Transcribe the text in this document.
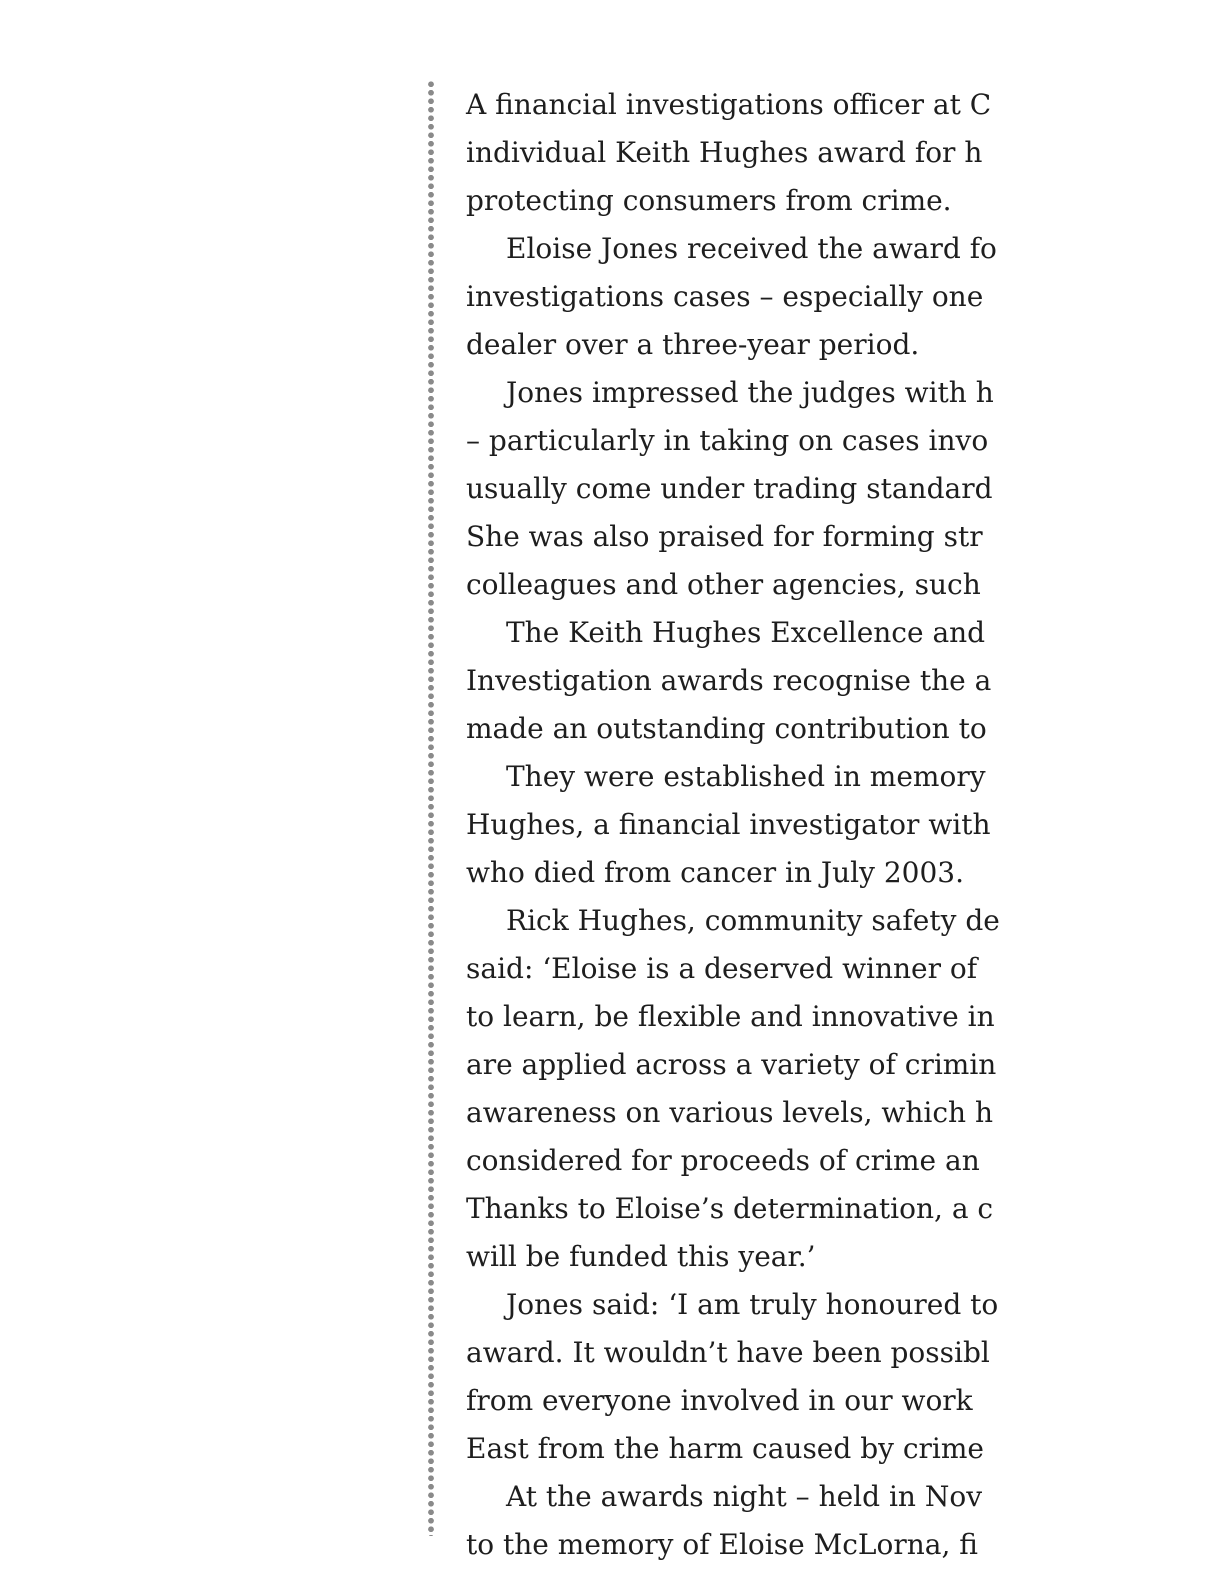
A financial investigations officer at C
individual Keith Hughes award for h
protecting consumers from crime.

Eloise Jones received the award fo
investigations cases – especially one
dealer over a three-year period.

Jones impressed the judges with h
– particularly in taking on cases invo
usually come under trading standard
She was also praised for forming str
colleagues and other agencies, such

The Keith Hughes Excellence and
Investigation awards recognise the a
made an outstanding contribution to

They were established in memory
Hughes, a financial investigator with
who died from cancer in July 2003.

Rick Hughes, community safety de
said: ‘Eloise is a deserved winner of
to learn, be flexible and innovative in
are applied across a variety of crimin
awareness on various levels, which h
considered for proceeds of crime an
Thanks to Eloise’s determination, a c
will be funded this year.’

Jones said: ‘I am truly honoured to
award. It wouldn’t have been possibl
from everyone involved in our work
East from the harm caused by crime

At the awards night – held in Nov
to the memory of Eloise McLorna, fi
